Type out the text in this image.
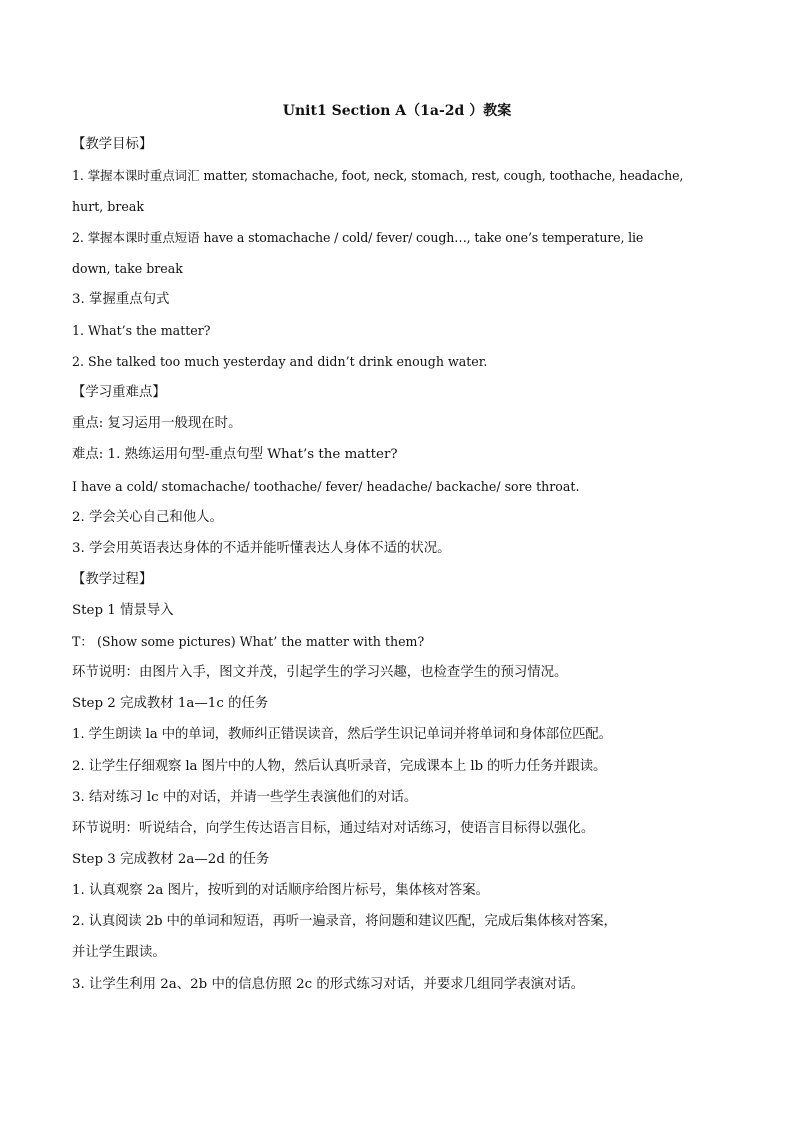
Unit1 Section A（1a-2d ）教案
【教学目标】
1. 掌握本课时重点词汇 matter, stomachache, foot, neck, stomach, rest, cough, toothache, headache,
hurt, break
2. 掌握本课时重点短语 have a stomachache / cold/ fever/ cough…, take one’s temperature, lie
down, take break
3. 掌握重点句式
1. What’s the matter?
2. She talked too much yesterday and didn’t drink enough water.
【学习重难点】
重点: 复习运用一般现在时。
难点: 1. 熟练运用句型-重点句型 What’s the matter?
I have a cold/ stomachache/ toothache/ fever/ headache/ backache/ sore throat.
2. 学会关心自己和他人。
3. 学会用英语表达身体的不适并能听懂表达人身体不适的状况。
【教学过程】
Step 1 情景导入
T： (Show some pictures) What’ the matter with them?
环节说明：由图片入手，图文并茂，引起学生的学习兴趣，也检查学生的预习情况。
Step 2 完成教材 1a—1c 的任务
1. 学生朗读 la 中的单词，教师纠正错误读音，然后学生识记单词并将单词和身体部位匹配。
2. 让学生仔细观察 la 图片中的人物，然后认真听录音，完成课本上 lb 的听力任务并跟读。
3. 结对练习 lc 中的对话，并请一些学生表演他们的对话。
环节说明：听说结合，向学生传达语言目标，通过结对对话练习，使语言目标得以强化。
Step 3 完成教材 2a—2d 的任务
1. 认真观察 2a 图片，按听到的对话顺序给图片标号，集体核对答案。
2. 认真阅读 2b 中的单词和短语，再听一遍录音，将问题和建议匹配，完成后集体核对答案，
并让学生跟读。
3. 让学生利用 2a、2b 中的信息仿照 2c 的形式练习对话，并要求几组同学表演对话。
